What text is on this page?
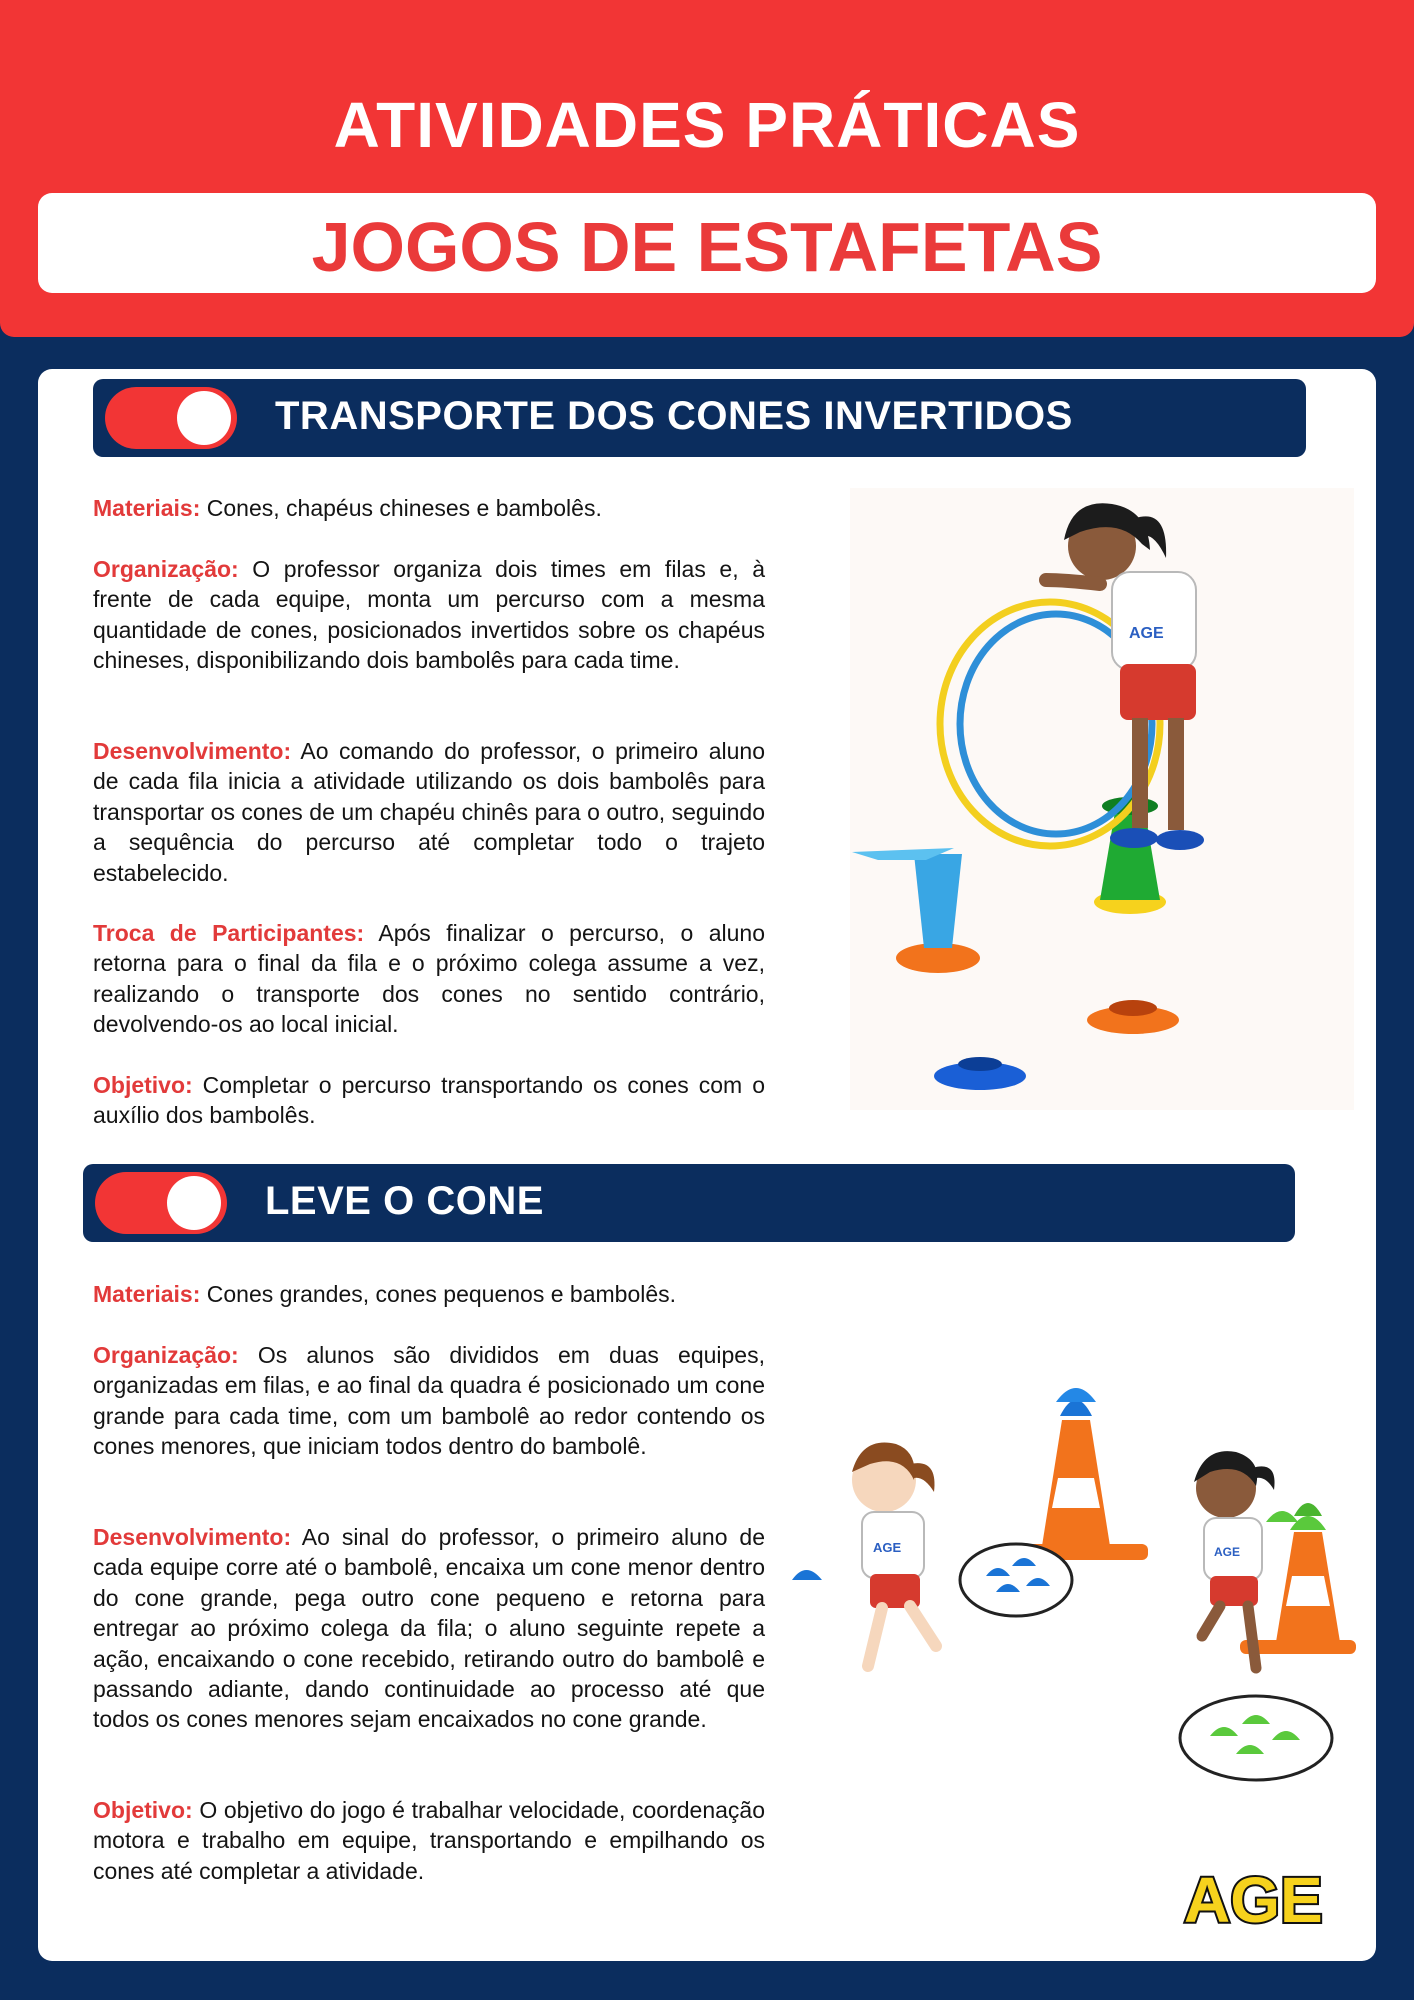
ATIVIDADES PRÁTICAS
JOGOS DE ESTAFETAS
TRANSPORTE DOS CONES INVERTIDOS

Materiais: Cones, chapéus chineses e bambolês.

Organização: O professor organiza dois times em filas e, à frente de cada equipe, monta um percurso com a mesma quantidade de cones, posicionados invertidos sobre os chapéus chineses, disponibilizando dois bambolês para cada time.

Desenvolvimento: Ao comando do professor, o primeiro aluno de cada fila inicia a atividade utilizando os dois bambolês para transportar os cones de um chapéu chinês para o outro, seguindo a sequência do percurso até completar todo o trajeto estabelecido.

Troca de Participantes: Após finalizar o percurso, o aluno retorna para o final da fila e o próximo colega assume a vez, realizando o transporte dos cones no sentido contrário, devolvendo-os ao local inicial.

Objetivo: Completar o percurso transportando os cones com o auxílio dos bambolês.

AGE
LEVE O CONE

Materiais: Cones grandes, cones pequenos e bambolês.

Organização: Os alunos são divididos em duas equipes, organizadas em filas, e ao final da quadra é posicionado um cone grande para cada time, com um bambolê ao redor contendo os cones menores, que iniciam todos dentro do bambolê.

Desenvolvimento: Ao sinal do professor, o primeiro aluno de cada equipe corre até o bambolê, encaixa um cone menor dentro do cone grande, pega outro cone pequeno e retorna para entregar ao próximo colega da fila; o aluno seguinte repete a ação, encaixando o cone recebido, retirando outro do bambolê e passando adiante, dando continuidade ao processo até que todos os cones menores sejam encaixados no cone grande.

Objetivo: O objetivo do jogo é trabalhar velocidade, coordenação motora e trabalho em equipe, transportando e empilhando os cones até completar a atividade.

AGE	AGE
AGE
